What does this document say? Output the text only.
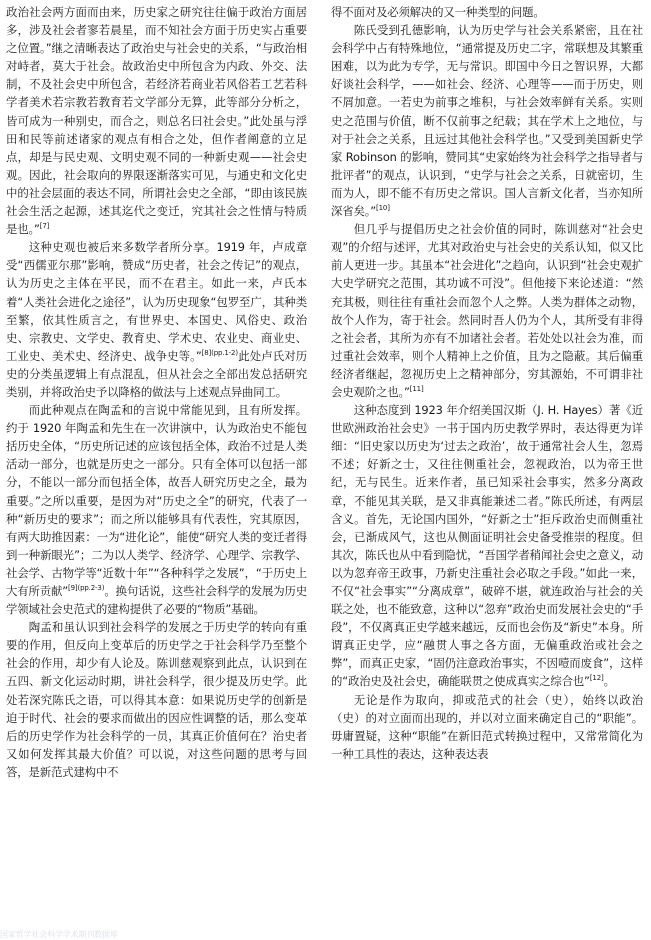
政治社会两方面而由来，历史家之研究往往偏于政治方面居多，涉及社会者寥若晨星，而不知社会方面于历史实占重要之位置。”继之清晰表达了政治史与社会史的关系，“与政治相对峙者，莫大于社会。故政治史中所包含为内政、外交、法制，不及社会史中所包含，若经济若商业若风俗若工艺若科学者美术若宗教若教育若文学部分无算，此等部分分析之，皆可成为一种别史，而合之，则总名曰社会史。”此处虽与浮田和民等前述诸家的观点有相合之处，但作者阐意的立足点，却是与民史观、文明史观不同的一种新史观——社会史观。因此，社会取向的界限逐渐落实可见，与通史和文化史中的社会层面的表达不同，所谓社会史之全部，“即由该民族社会生活之起源，述其迄代之变迁，究其社会之性情与特质是也。”[7]

这种史观也被后来多数学者所分享。1919 年，卢成章受“西儒亚尔那”影响，赞成“历史者，社会之传记”的观点，认为历史之主体在平民，而不在君主。如此一来，卢氏本着“人类社会进化之途径”，认为历史现象“包罗至广，其种类至繁，依其性质言之，有世界史、本国史、风俗史、政治史、宗教史、文学史、教育史、学术史、农业史、商业史、工业史、美术史、经济史、战争史等。”$^{[8](pp.1-2)}$此处卢氏对历史的分类虽逻辑上有点混乱，但从社会之全部出发总括研究类别，并将政治史予以降格的做法与上述观点异曲同工。

而此种观点在陶孟和的言说中常能见到，且有所发挥。约于 1920 年陶孟和先生在一次讲演中，认为政治史不能包括历史全体，“历史所记述的应该包括全体，政治不过是人类活动一部分，也就是历史之一部分。只有全体可以包括一部分，不能以一部分而包括全体，故吾人研究历史之全，最为重要。”之所以重要，是因为对“历史之全”的研究，代表了一种“新历史的要求”；而之所以能够具有代表性，究其原因，有两大助推因素：一为“进化论”，能使“研究人类的变迁者得到一种新眼光”；二为以人类学、经济学、心理学、宗教学、社会学、古物学等“近数十年”“各种科学之发展”，“于历史上大有所贡献”$^{[9](pp.2-3)}$。换句话说，这些社会科学的发展为历史学领域社会史范式的建构提供了必要的“物质”基础。

陶孟和虽认识到社会科学的发展之于历史学的转向有重要的作用，但反向上变革后的历史学之于社会科学乃至整个社会的作用，却少有人论及。陈训慈观察到此点，认识到在五四、新文化运动时期，讲社会科学，很少提及历史学。此处若深究陈氏之语，可以得其本意：如果说历史学的创新是迫于时代、社会的要求而做出的因应性调整的话，那么变革后的历史学作为社会科学的一员，其真正价值何在？治史者又如何发挥其最大价值？可以说，对这些问题的思考与回答，是新范式建构中不

得不面对及必须解决的又一种类型的问题。

陈氏受到孔德影响，认为历史学与社会关系紧密，且在社会科学中占有特殊地位，“通常提及历史二字，常联想及其繁重困难，以为此为专学，无与常识。即国中今日之智识界，大都好谈社会科学，——如社会、经济、心理等——而于历史，则不屑加意。一若史为前事之堆积，与社会效率鲜有关系。实则史之范围与价值，断不仅前事之纪载；其在学术上之地位，与对于社会之关系，且远过其他社会科学也。”又受到美国新史学家 Robinson 的影响，赞同其“史家始终为社会科学之指导者与批评者”的观点，认识到，“史学与社会之关系，日就密切，生而为人，即不能不有历史之常识。国人言新文化者，当亦知所深省矣。”[10]

但几乎与提倡历史之社会价值的同时，陈训慈对“社会史观”的介绍与述评，尤其对政治史与社会史的关系认知，似又比前人更进一步。其虽本“社会进化”之趋向，认识到“社会史观扩大史学研究之范围，其功诚不可没”。但他接下来论述道：“然充其极，则往往有重社会而忽个人之弊。人类为群体之动物，故个人作为，寄于社会。然同时吾人仍为个人，其所受有非得之社会者，其所为亦有不加诸社会者。若处处以社会为准，而过重社会效率，则个人精神上之价值，且为之隐蔽。其后偏重经济者继起，忽视历史上之精神部分，穷其源始，不可谓非社会史观阶之也。”[11]

这种态度到 1923 年介绍美国汉斯（J. H. Hayes）著《近世欧洲政治社会史》一书于国内历史教学界时，表达得更为详细：“旧史家以历史为‘过去之政治’，故于通常社会人生，忽焉不述；好新之士，又往往侧重社会，忽视政治，以为帝王世纪，无与民生。近来作者，虽已知采社会事实，然多分离政章，不能见其关联，是又非真能兼述二者。”陈氏所述，有两层含义。首先，无论国内国外，“好新之士”拒斥政治史而侧重社会，已渐成风气，这也从侧面证明社会史备受推崇的程度。但其次，陈氏也从中看到隐忧，“吾国学者稍闻社会史之意义，动以为忽弃帝王政事，乃新史注重社会必取之手段。”如此一来，不仅“社会事实”“分离成章”，破碎不堪，就连政治与社会的关联之处，也不能致意，这种以“忽弃”政治史而发展社会史的“手段”，不仅离真正史学越来越远，反而也会伤及“新史”本身。所谓真正史学，应“融贯人事之各方面，无偏重政治或社会之弊”，而真正史家，“固仍注意政治事实，不因噎而废食”，这样的“政治史及社会史，确能联贯之使成真实之综合也”[12]。

无论是作为取向，抑或范式的社会（史），始终以政治（史）的对立面而出现的，并以对立面来确定自己的“职能”。毋庸置疑，这种“职能”在新旧范式转换过程中，又常常简化为一种工具性的表达，这种表达表

国家哲学社会科学学术期刊数据库
